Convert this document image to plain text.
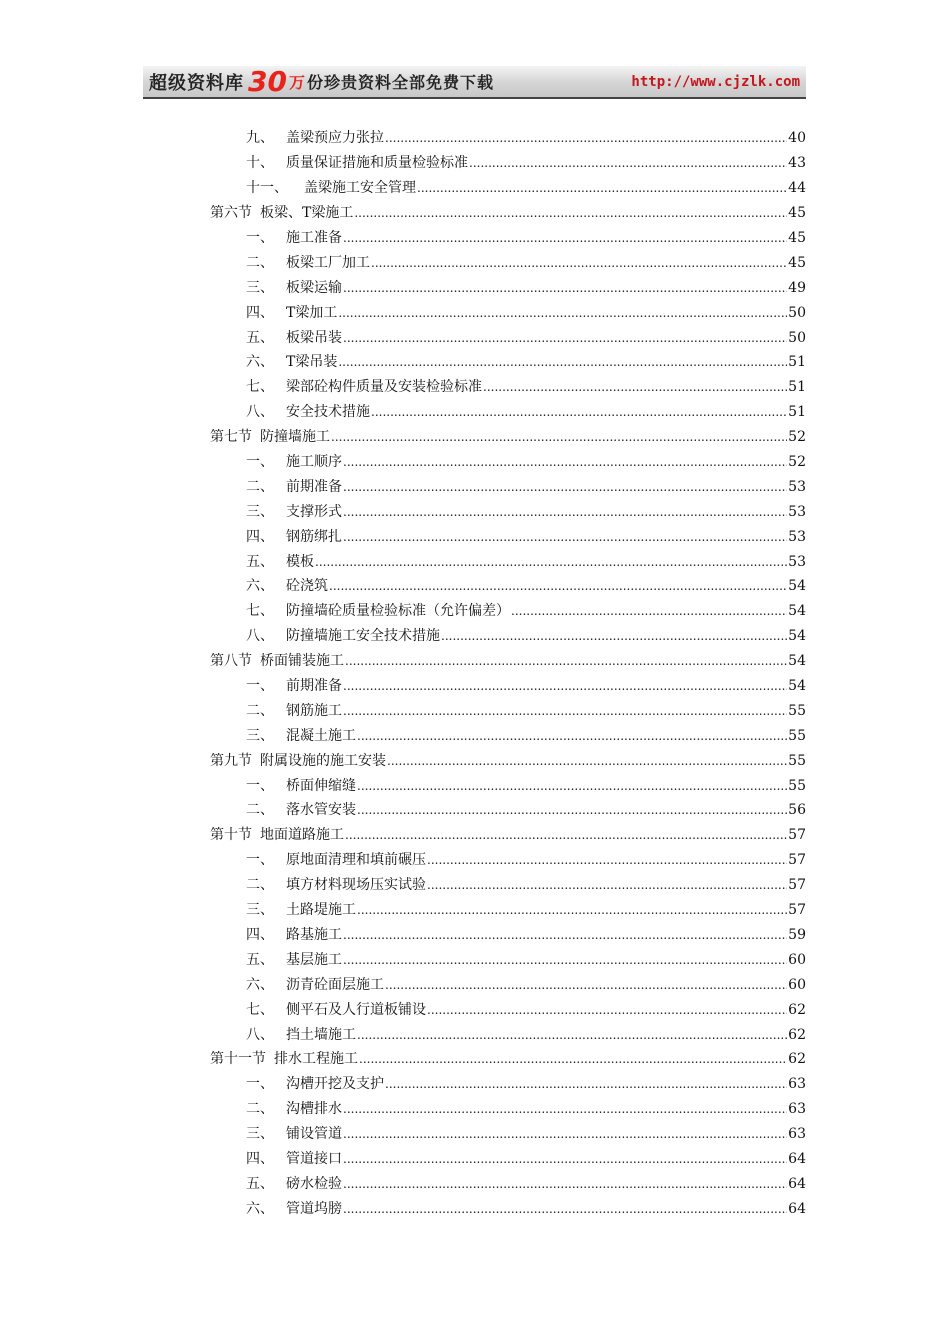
超级资料库 30 万 份珍贵资料全部免费下载	http://www.cjzlk.com
九、 盖梁预应力张拉 .....	40
十、 质量保证措施和质量检验标准 .....	43
十一、	盖梁施工安全管理 .....	44
第六节 板梁、T梁施工 .....	45
一、 施工准备 .....	45
二、 板梁工厂加工 .....	45
三、 板梁运输 .....	49
四、 T梁加工 .....	50
五、 板梁吊装 .....	50
六、 T梁吊装 .....	51
七、 梁部砼构件质量及安装检验标准 .....	51
八、 安全技术措施 .....	51
第七节 防撞墙施工 .....	52
一、 施工顺序 .....	52
二、 前期准备 .....	53
三、 支撑形式 .....	53
四、 钢筋绑扎 .....	53
五、 模板 .....	53
六、 砼浇筑 .....	54
七、 防撞墙砼质量检验标准（允许偏差） .....	54
八、 防撞墙施工安全技术措施 .....	54
第八节 桥面铺装施工 .....	54
一、 前期准备 .....	54
二、 钢筋施工 .....	55
三、 混凝土施工 .....	55
第九节 附属设施的施工安装 .....	55
一、 桥面伸缩缝 .....	55
二、 落水管安装 .....	56
第十节 地面道路施工 .....	57
一、 原地面清理和填前碾压 .....	57
二、 填方材料现场压实试验 .....	57
三、 土路堤施工 .....	57
四、 路基施工 .....	59
五、 基层施工 .....	60
六、 沥青砼面层施工 .....	60
七、 侧平石及人行道板铺设 .....	62
八、 挡土墙施工 .....	62
第十一节 排水工程施工 .....	62
一、 沟槽开挖及支护 .....	63
二、 沟槽排水 .....	63
三、 铺设管道 .....	63
四、 管道接口 .....	64
五、 磅水检验 .....	64
六、 管道坞膀 .....	64
